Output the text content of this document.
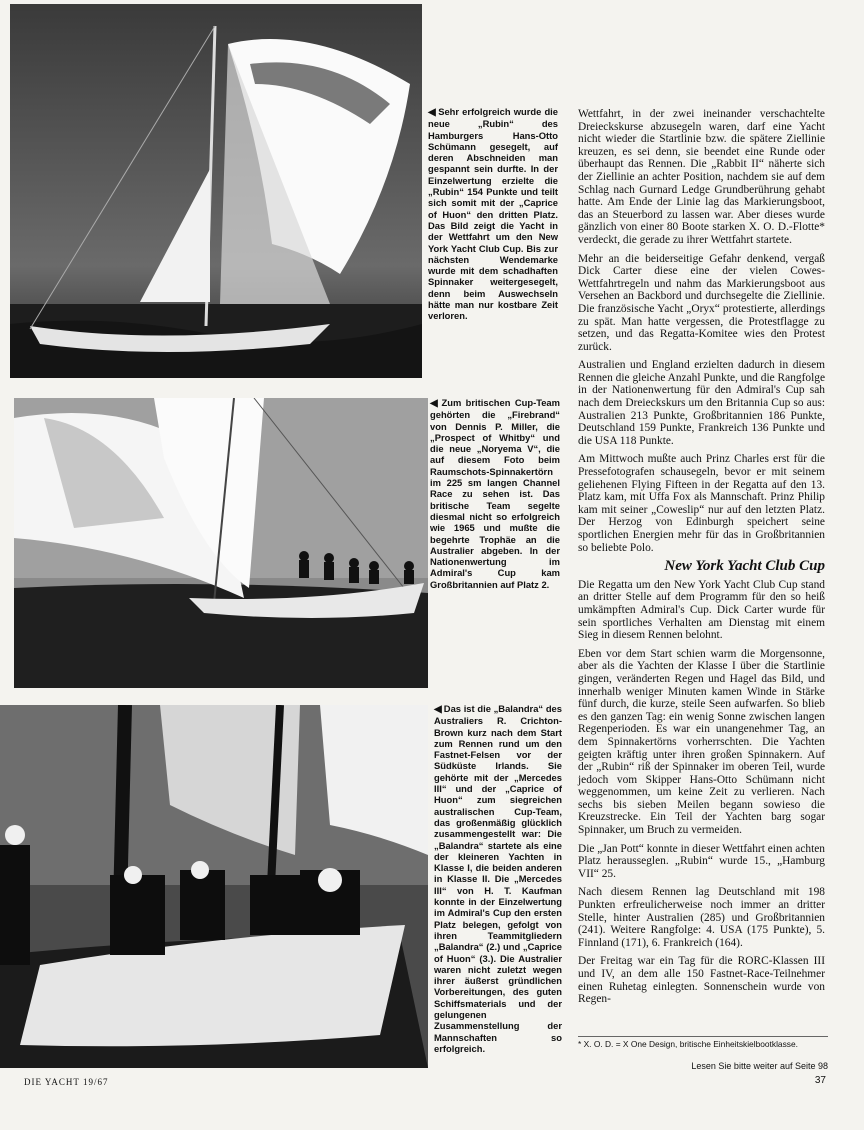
◀ Sehr erfolgreich wurde die neue „Rubin“ des Hamburgers Hans-Otto Schümann gesegelt, auf deren Abschneiden man gespannt sein durfte. In der Einzelwertung erzielte die „Rubin“ 154 Punkte und teilt sich somit mit der „Caprice of Huon“ den dritten Platz. Das Bild zeigt die Yacht in der Wettfahrt um den New York Yacht Club Cup. Bis zur nächsten Wendemarke wurde mit dem schadhaften Spinnaker weitergesegelt, denn beim Auswechseln hätte man nur kostbare Zeit verloren.
◀ Zum britischen Cup-Team gehörten die „Firebrand“ von Dennis P. Miller, die „Prospect of Whitby“ und die neue „Noryema V“, die auf diesem Foto beim Raumschots-Spinnakertörn im 225 sm langen Channel Race zu sehen ist. Das britische Team segelte diesmal nicht so erfolgreich wie 1965 und mußte die begehrte Trophäe an die Australier abgeben. In der Nationenwertung im Admiral's Cup kam Großbritannien auf Platz 2.
◀ Das ist die „Balandra“ des Australiers R. Crichton-Brown kurz nach dem Start zum Rennen rund um den Fastnet-Felsen vor der Südküste Irlands. Sie gehörte mit der „Mercedes III“ und der „Caprice of Huon“ zum siegreichen australischen Cup-Team, das großenmäßig glücklich zusammengestellt war: Die „Balandra“ startete als eine der kleineren Yachten in Klasse I, die beiden anderen in Klasse II. Die „Mercedes III“ von H. T. Kaufman konnte in der Einzelwertung im Admiral's Cup den ersten Platz belegen, gefolgt von ihren Teammitgliedern „Balandra“ (2.) und „Caprice of Huon“ (3.). Die Australier waren nicht zuletzt wegen ihrer äußerst gründlichen Vorbereitungen, des guten Schiffsmaterials und der gelungenen Zusammenstellung der Mannschaften so erfolgreich.

Wettfahrt, in der zwei ineinander verschachtelte Dreieckskurse abzusegeln waren, darf eine Yacht nicht wieder die Startlinie bzw. die spätere Ziellinie kreuzen, es sei denn, sie beendet eine Runde oder überhaupt das Rennen. Die „Rabbit II“ näherte sich der Ziellinie an achter Position, nachdem sie auf dem Schlag nach Gurnard Ledge Grundberührung gehabt hatte. Am Ende der Linie lag das Markierungsboot, das an Steuerbord zu lassen war. Aber dieses wurde gänzlich von einer 80 Boote starken X. O. D.-Flotte* verdeckt, die gerade zu ihrer Wettfahrt startete.

Mehr an die beiderseitige Gefahr denkend, vergaß Dick Carter diese eine der vielen Cowes-Wettfahrtregeln und nahm das Markierungsboot aus Versehen an Backbord und durchsegelte die Ziellinie. Die französische Yacht „Oryx“ protestierte, allerdings zu spät. Man hatte vergessen, die Protestflagge zu setzen, und das Regatta-Komitee wies den Protest zurück.

Australien und England erzielten dadurch in diesem Rennen die gleiche Anzahl Punkte, und die Rangfolge in der Nationenwertung für den Admiral's Cup sah nach dem Dreieckskurs um den Britannia Cup so aus: Australien 213 Punkte, Großbritannien 186 Punkte, Deutschland 159 Punkte, Frankreich 136 Punkte und die USA 118 Punkte.

Am Mittwoch mußte auch Prinz Charles erst für die Pressefotografen schausegeln, bevor er mit seinem geliehenen Flying Fifteen in der Regatta auf den 13. Platz kam, mit Uffa Fox als Mannschaft. Prinz Philip kam mit seiner „Coweslip“ nur auf den letzten Platz. Der Herzog von Edinburgh speichert seine sportlichen Energien mehr für das in Großbritannien so beliebte Polo.

New York Yacht Club Cup

Die Regatta um den New York Yacht Club Cup stand an dritter Stelle auf dem Programm für den so heiß umkämpften Admiral's Cup. Dick Carter wurde für sein sportliches Verhalten am Dienstag mit einem Sieg in diesem Rennen belohnt.

Eben vor dem Start schien warm die Morgensonne, aber als die Yachten der Klasse I über die Startlinie gingen, veränderten Regen und Hagel das Bild, und innerhalb weniger Minuten kamen Winde in Stärke fünf durch, die kurze, steile Seen aufwarfen. So blieb es den ganzen Tag: ein wenig Sonne zwischen langen Regenperioden. Es war ein unangenehmer Tag, an dem Spinnakertörns vorherrschten. Die Yachten geigten kräftig unter ihren großen Spinnakern. Auf der „Rubin“ riß der Spinnaker im oberen Teil, wurde jedoch vom Skipper Hans-Otto Schümann nicht weggenommen, um keine Zeit zu verlieren. Nach sechs bis sieben Meilen begann sowieso die Kreuzstrecke. Ein Teil der Yachten barg sogar Spinnaker, um Bruch zu vermeiden.

Die „Jan Pott“ konnte in dieser Wettfahrt einen achten Platz herausseglen. „Rubin“ wurde 15., „Hamburg VII“ 25.

Nach diesem Rennen lag Deutschland mit 198 Punkten erfreulicherweise noch immer an dritter Stelle, hinter Australien (285) und Großbritannien (241). Weitere Rangfolge: 4. USA (175 Punkte), 5. Finnland (171), 6. Frankreich (164).

Der Freitag war ein Tag für die RORC-Klassen III und IV, an dem alle 150 Fastnet-Race-Teilnehmer einen Ruhetag einlegten. Sonnenschein wurde von Regen-

* X. O. D. = X One Design, britische Einheitskielbootklasse.
Lesen Sie bitte weiter auf Seite 98
DIE YACHT 19/67	37
